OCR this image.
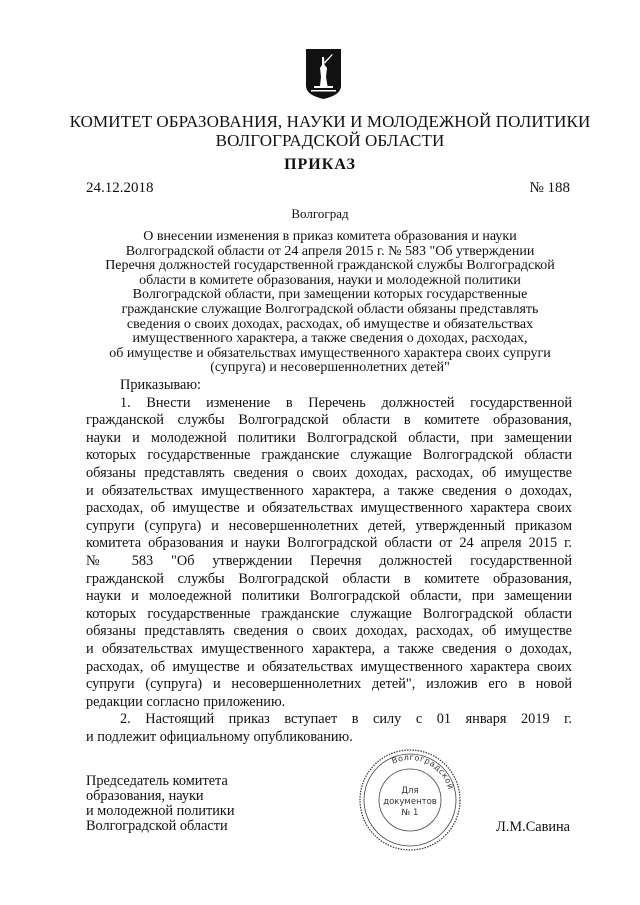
КОМИТЕТ ОБРАЗОВАНИЯ, НАУКИ И МОЛОДЕЖНОЙ ПОЛИТИКИ
ВОЛГОГРАДСКОЙ ОБЛАСТИ
ПРИКАЗ
24.12.2018	№ 188
Волгоград
О внесении изменения в приказ комитета образования и науки
Волгоградской области от 24 апреля 2015 г. № 583 "Об утверждении
Перечня должностей государственной гражданской службы Волгоградской
области в комитете образования, науки и молодежной политики
Волгоградской области, при замещении которых государственные
гражданские служащие Волгоградской области обязаны представлять
сведения о своих доходах, расходах, об имуществе и обязательствах
имущественного характера, а также сведения о доходах, расходах,
об имуществе и обязательствах имущественного характера своих супруги
(супруга) и несовершеннолетних детей"
Приказываю:
1. Внести изменение в Перечень должностей государственной
гражданской службы Волгоградской области в комитете образования,
науки и молодежной политики Волгоградской области, при замещении
которых государственные гражданские служащие Волгоградской области
обязаны представлять сведения о своих доходах, расходах, об имуществе
и обязательствах имущественного характера, а также сведения о доходах,
расходах, об имуществе и обязательствах имущественного характера своих
супруги (супруга) и несовершеннолетних детей, утвержденный приказом
комитета образования и науки Волгоградской области от 24 апреля 2015 г.
№ 583 "Об утверждении Перечня должностей государственной
гражданской службы Волгоградской области в комитете образования,
науки и молоедежной политики Волгоградской области, при замещении
которых государственные гражданские служащие Волгоградской области
обязаны представлять сведения о своих доходах, расходах, об имуществе
и обязательствах имущественного характера, а также сведения о доходах,
расходах, об имуществе и обязательствах имущественного характера своих
супруги (супруга) и несовершеннолетних детей", изложив его в новой
редакции согласно приложению.
2. Настоящий приказ вступает в силу с 01 января 2019 г.
и подлежит официальному опубликованию.
Председатель комитета
образования, науки
и молодежной политики
Волгоградской области
Волгоградской
Для
документов
№ 1
Л.М.Савина
